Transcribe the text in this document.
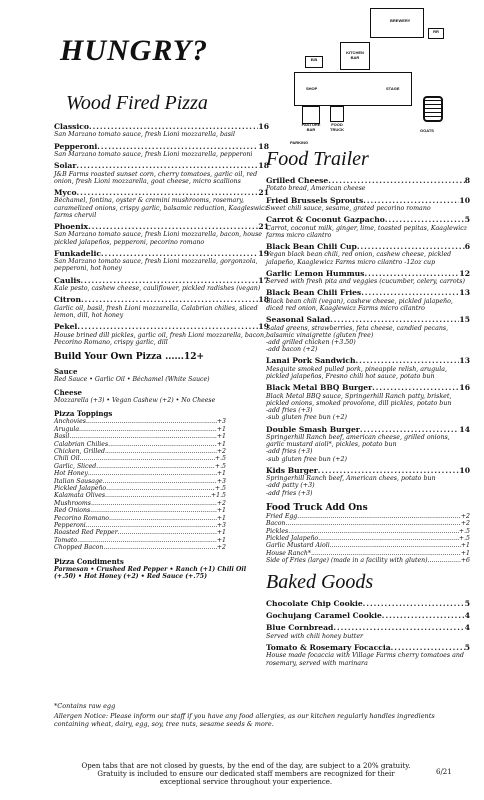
HUNGRY?
BREWERY
RR
RR
KITCHEN
BAR
SHOP	STAGE
PASTURE
BAR
FOOD
TRUCK
PARKING
GOATS
Wood Fired Pizza
Classico .....	16
San Marzano tomato sauce, fresh Lioni mozzarella, basil
Pepperoni .....	18
San Marzano tomato sauce, fresh Lioni mozzarella, pepperoni
Solar .....	18
J&B Farms roasted sunset corn, cherry tomatoes, garlic oil, red onion, fresh Lioni mozzarella, goat cheese, micro scallions
Myco .....	21
Béchamel, fontina, oyster & cremini mushrooms, rosemary, caramelized onions, crispy garlic, balsamic reduction, Kaagleswicz farms chervil
Phoenix .....	21
San Marzano tomato sauce, fresh Lioni mozzarella, bacon, house pickled jalapeños, pepperoni, pecorino romano
Funkadelic .....	19
San Marzano tomato sauce, fresh Lioni mozzarella, gorgonzola, pepperoni, hot honey
Caulis .....	17
Kale pesto, cashew cheese, cauliflower, pickled radishes (vegan)
Citron .....	18
Garlic oil, basil, fresh Lioni mozzarella, Calabrian chilies, sliced lemon, dill, hot honey
Pekel .....	19
House brined dill pickles, garlic oil, fresh Lioni mozzarella, bacon, Pecorino Romano, crispy garlic, dill
Build Your Own Pizza ......12+
Sauce
Red Sauce • Garlic Oil • Béchamel (White Sauce)
Cheese
Mozzarella (+3) • Vegan Cashew (+2) • No Cheese
Pizza Toppings
Anchovies .....	+3
Arugula .....	+1
Basil .....	+1
Calabrian Chilies .....	+1
Chicken, Grilled .....	+2
Chili Oil .....	+.5
Garlic, Sliced .....	+.5
Hot Honey .....	+1
Italian Sausage .....	+3
Pickled Jalapeño .....	+.5
Kalamata Olives .....	+1.5
Mushrooms .....	+2
Red Onions .....	+1
Pecorino Romano .....	+1
Pepperoni .....	+3
Roasted Red Pepper .....	+1
Tomato .....	+1
Chopped Bacon .....	+2
Pizza Condiments
Parmesan • Crushed Red Pepper • Ranch (+1) Chili Oil (+.50) • Hot Honey (+2) • Red Sauce (+.75)
Food Trailer
Grilled Cheese .....	8
Potato bread, American cheese
Fried Brussels Sprouts .....	10
Sweet chili sauce, sesame, grated pecorino romano
Carrot & Coconut Gazpacho .....	5
Carrot, coconut milk, ginger, lime, toasted pepitas, Kaaglewicz farms micro cilantro
Black Bean Chili Cup .....	6
Vegan black bean chili, red onion, cashew cheese, pickled jalapeño, Kaaglewicz Farms micro cilantro -12oz cup
Garlic Lemon Hummus .....	12
Served with fresh pita and veggies (cucumber, celery, carrots)
Black Bean Chili Fries .....	13
Black bean chili (vegan), cashew cheese, pickled jalapeño, diced red onion, Kaaglewicz Farms micro cilantro
Seasonal Salad .....	15
Salad greens, strawberries, feta cheese, candied pecans, balsamic vinaigrette (gluten free)
-add grilled chicken (+3.50)
-add bacon (+2)
Lanai Pork Sandwich .....	13
Mesquite smoked pulled pork, pineapple relish, arugula, pickled jalapeños, Fresno chili hot sauce, potato bun
Black Metal BBQ Burger .....	16
Black Metal BBQ sauce, Springerhill Ranch patty, brisket, pickled onions, smoked provolone, dill pickles, potato bun
-add fries (+3)
-sub gluten free bun (+2)
Double Smash Burger .....	14
Springerhill Ranch beef, american cheese, grilled onions, garlic mustard aioli*, pickles, potato bun
-add fries (+3)
-sub gluten free bun (+2)
Kids Burger .....	10
Springerhill Ranch beef, American chees, potato bun
-add patty (+3)
-add fries (+3)
Food Truck Add Ons
Fried Egg .....	+2
Bacon .....	+2
Pickles .....	+.5
Pickled Jalapeño .....	+.5
Garlic Mustard Aioli .....	+1
House Ranch* .....	+1
Side of Fries (large) (made in a facility with gluten) .....	+6
Baked Goods
Chocolate Chip Cookie .....	5
Gochujang Caramel Cookie .....	4
Blue Cornbread .....	4
Served with chili honey butter
Tomato & Rosemary Focaccia .....	5
House made focaccia with Village Farms cherry tomatoes and rosemary, served with marinara
*Contains raw egg
Allergen Notice: Please inform our staff if you have any food allergies, as our kitchen regularly handles ingredients containing wheat, dairy, egg, soy, tree nuts, sesame seeds & more.
Open tabs that are not closed by guests, by the end of the day, are subject to a 20% gratuity. Gratuity is included to ensure our dedicated staff members are recognized for their exceptional service throughout your experience.
6/21
